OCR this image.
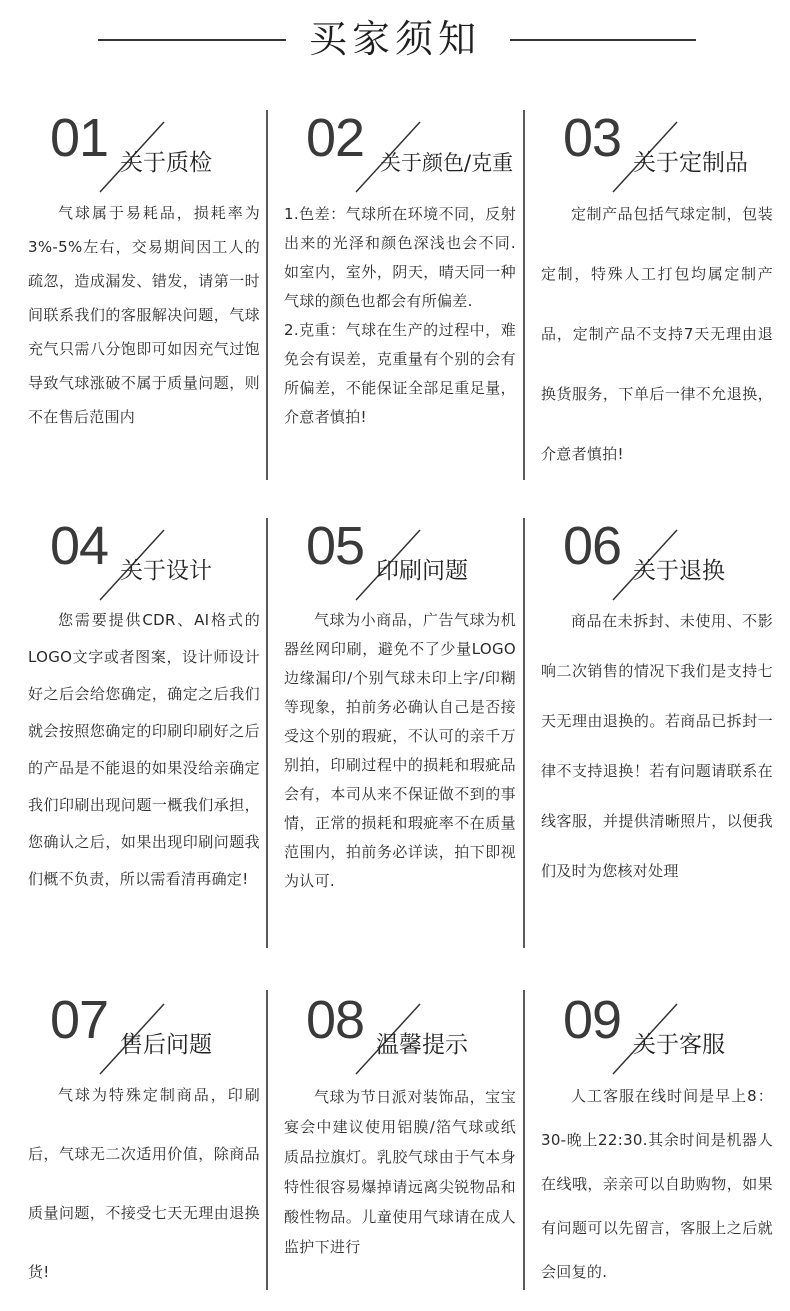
买家须知
01 关于质检
气球属于易耗品，损耗率为3%-5%左右，交易期间因工人的疏忽，造成漏发、错发，请第一时间联系我们的客服解决问题，气球充气只需八分饱即可如因充气过饱导致气球涨破不属于质量问题，则不在售后范围内
02 关于颜色/克重

1.色差：气球所在环境不同，反射出来的光泽和颜色深浅也会不同.如室内，室外，阴天，晴天同一种气球的颜色也都会有所偏差.

2.克重：气球在生产的过程中，难免会有误差，克重量有个别的会有所偏差，不能保证全部足重足量，介意者慎拍!

03 关于定制品
定制产品包括气球定制，包装定制，特殊人工打包均属定制产品，定制产品不支持7天无理由退换货服务，下单后一律不允退换，介意者慎拍!
04 关于设计
您需要提供CDR、AI格式的LOGO文字或者图案，设计师设计好之后会给您确定，确定之后我们就会按照您确定的印刷印刷好之后的产品是不能退的如果没给亲确定我们印刷出现问题一概我们承担，您确认之后，如果出现印刷问题我们概不负责，所以需看清再确定!
05 印刷问题
气球为小商品，广告气球为机器丝网印刷，避免不了少量LOGO边缘漏印/个别气球未印上字/印糊等现象，拍前务必确认自己是否接受这个别的瑕疵，不认可的亲千万别拍，印刷过程中的损耗和瑕疵品会有，本司从来不保证做不到的事情，正常的损耗和瑕疵率不在质量范围内，拍前务必详读，拍下即视为认可.
06 关于退换
商品在未拆封、未使用、不影响二次销售的情况下我们是支持七天无理由退换的。若商品已拆封一律不支持退换！若有问题请联系在线客服，并提供清晰照片，以便我们及时为您核对处理
07 售后问题
气球为特殊定制商品，印刷后，气球无二次适用价值，除商品质量问题，不接受七天无理由退换货!
08 温馨提示
气球为节日派对装饰品，宝宝宴会中建议使用铝膜/箔气球或纸质品拉旗灯。乳胶气球由于气本身特性很容易爆掉请远离尖锐物品和酸性物品。儿童使用气球请在成人监护下进行
09 关于客服
人工客服在线时间是早上8：30-晚上22:30.其余时间是机器人在线哦，亲亲可以自助购物，如果有问题可以先留言，客服上之后就会回复的.
